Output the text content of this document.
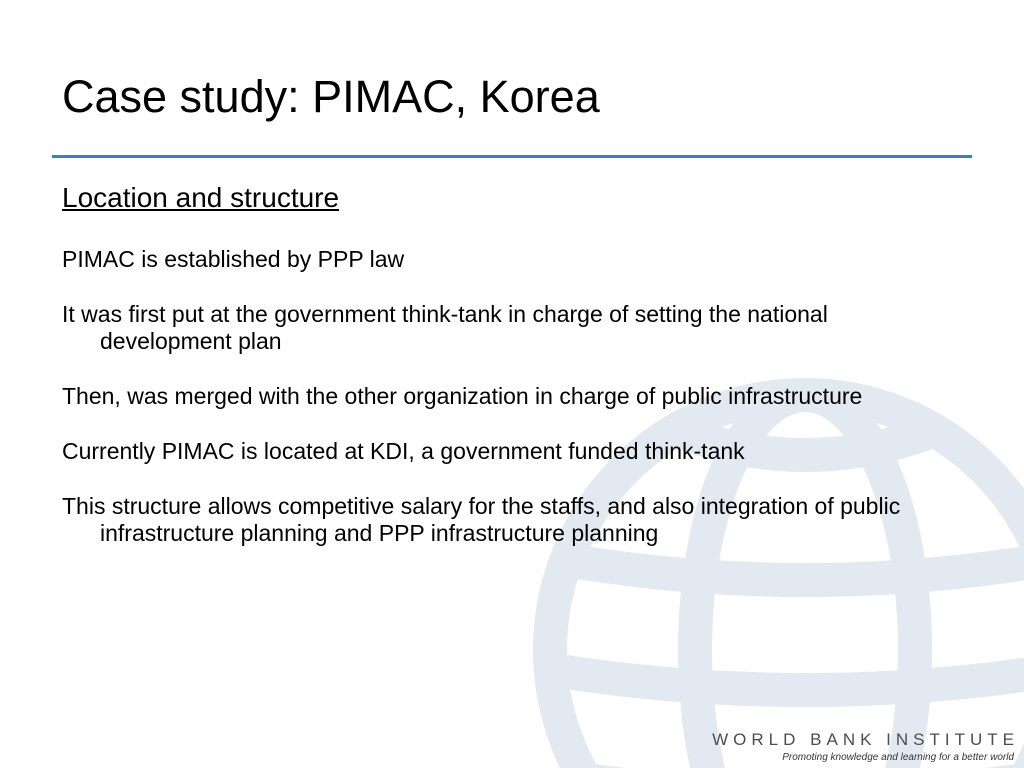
Case study: PIMAC, Korea
Location and structure
PIMAC is established by PPP law
It was first put at the government think-tank in charge of setting the national development plan
Then, was merged with the other organization in charge of public infrastructure
Currently PIMAC is located at KDI, a government funded think-tank
This structure allows competitive salary for the staffs, and also integration of public infrastructure planning and PPP infrastructure planning
WORLD BANK INSTITUTE
Promoting knowledge and learning for a better world
